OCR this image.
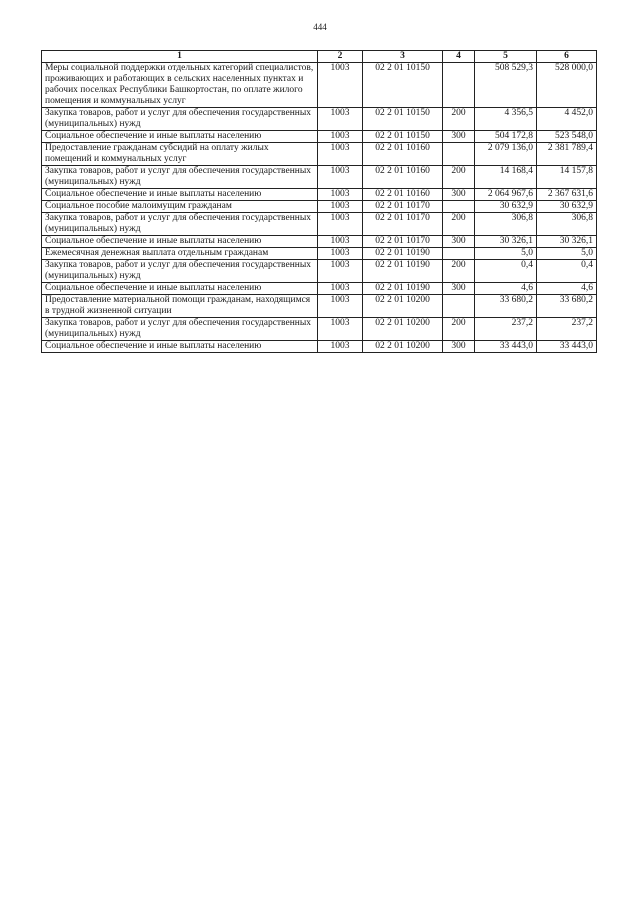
444
1	2	3	4	5	6
Меры социальной поддержки отдельных категорий специалистов, проживающих и работающих в сельских населенных пунктах и рабочих поселках Республики Башкортостан, по оплате жилого помещения и коммунальных услуг	1003	02 2 01 10150		508 529,3	528 000,0
Закупка товаров, работ и услуг для обеспечения государственных (муниципальных) нужд	1003	02 2 01 10150	200	4 356,5	4 452,0
Социальное обеспечение и иные выплаты населению	1003	02 2 01 10150	300	504 172,8	523 548,0
Предоставление гражданам субсидий на оплату жилых помещений и коммунальных услуг	1003	02 2 01 10160		2 079 136,0	2 381 789,4
Закупка товаров, работ и услуг для обеспечения государственных (муниципальных) нужд	1003	02 2 01 10160	200	14 168,4	14 157,8
Социальное обеспечение и иные выплаты населению	1003	02 2 01 10160	300	2 064 967,6	2 367 631,6
Социальное пособие малоимущим гражданам	1003	02 2 01 10170		30 632,9	30 632,9
Закупка товаров, работ и услуг для обеспечения государственных (муниципальных) нужд	1003	02 2 01 10170	200	306,8	306,8
Социальное обеспечение и иные выплаты населению	1003	02 2 01 10170	300	30 326,1	30 326,1
Ежемесячная денежная выплата отдельным гражданам	1003	02 2 01 10190		5,0	5,0
Закупка товаров, работ и услуг для обеспечения государственных (муниципальных) нужд	1003	02 2 01 10190	200	0,4	0,4
Социальное обеспечение и иные выплаты населению	1003	02 2 01 10190	300	4,6	4,6
Предоставление материальной помощи гражданам, находящимся в трудной жизненной ситуации	1003	02 2 01 10200		33 680,2	33 680,2
Закупка товаров, работ и услуг для обеспечения государственных (муниципальных) нужд	1003	02 2 01 10200	200	237,2	237,2
Социальное обеспечение и иные выплаты населению	1003	02 2 01 10200	300	33 443,0	33 443,0
